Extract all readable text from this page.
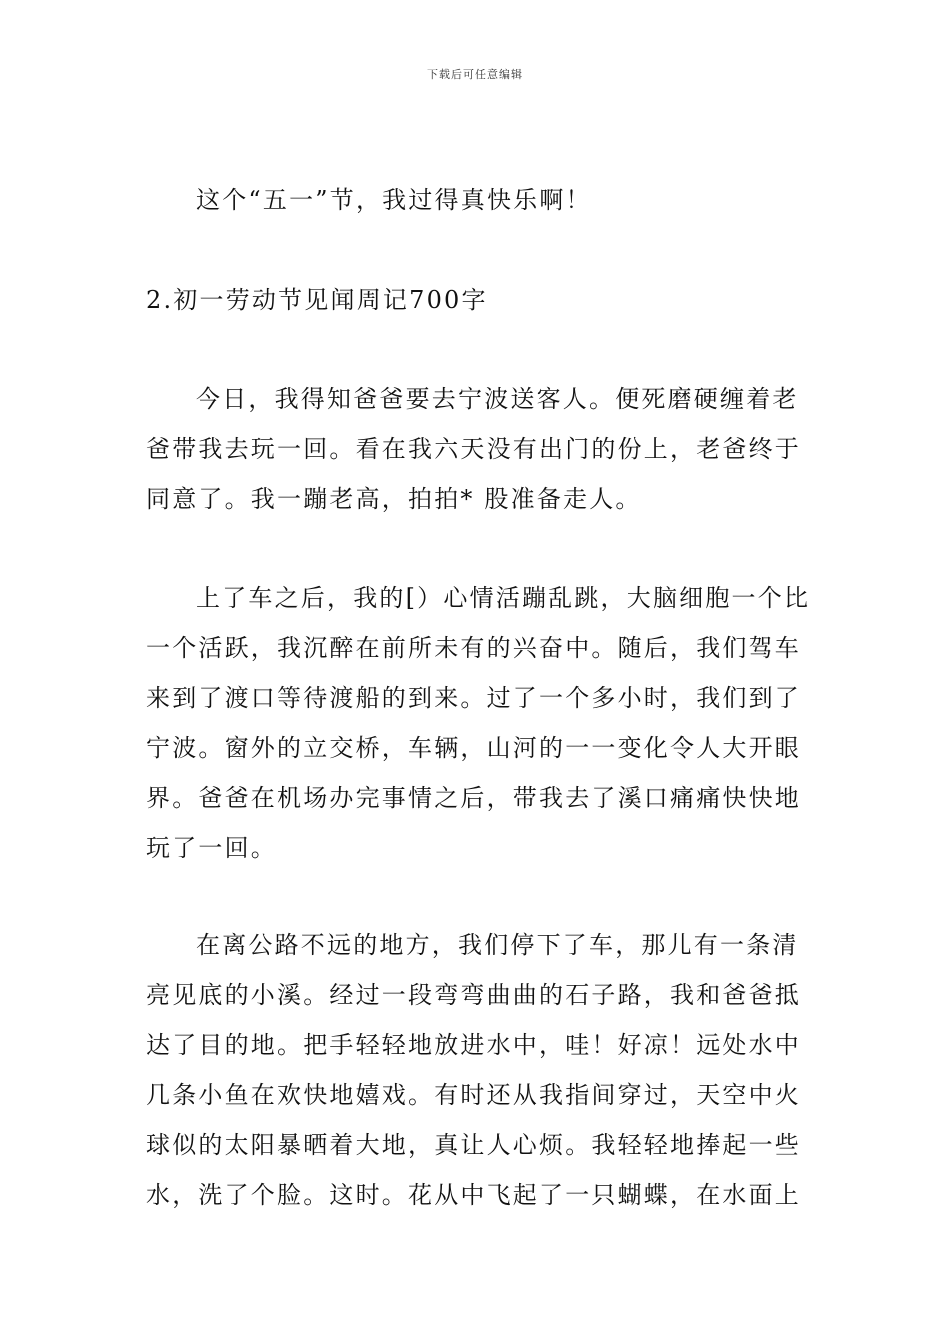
下载后可任意编辑
这个“五一”节，我过得真快乐啊！
2.初一劳动节见闻周记700字
今日，我得知爸爸要去宁波送客人。便死磨硬缠着老
爸带我去玩一回。看在我六天没有出门的份上，老爸终于
同意了。我一蹦老高，拍拍* 股准备走人。
上了车之后，我的[）心情活蹦乱跳，大脑细胞一个比
一个活跃，我沉醉在前所未有的兴奋中。随后，我们驾车
来到了渡口等待渡船的到来。过了一个多小时，我们到了
宁波。窗外的立交桥，车辆，山河的一一变化令人大开眼
界。爸爸在机场办完事情之后，带我去了溪口痛痛快快地
玩了一回。
在离公路不远的地方，我们停下了车，那儿有一条清
亮见底的小溪。经过一段弯弯曲曲的石子路，我和爸爸抵
达了目的地。把手轻轻地放进水中，哇！好凉！远处水中
几条小鱼在欢快地嬉戏。有时还从我指间穿过，天空中火
球似的太阳暴晒着大地，真让人心烦。我轻轻地捧起一些
水，洗了个脸。这时。花从中飞起了一只蝴蝶，在水面上
